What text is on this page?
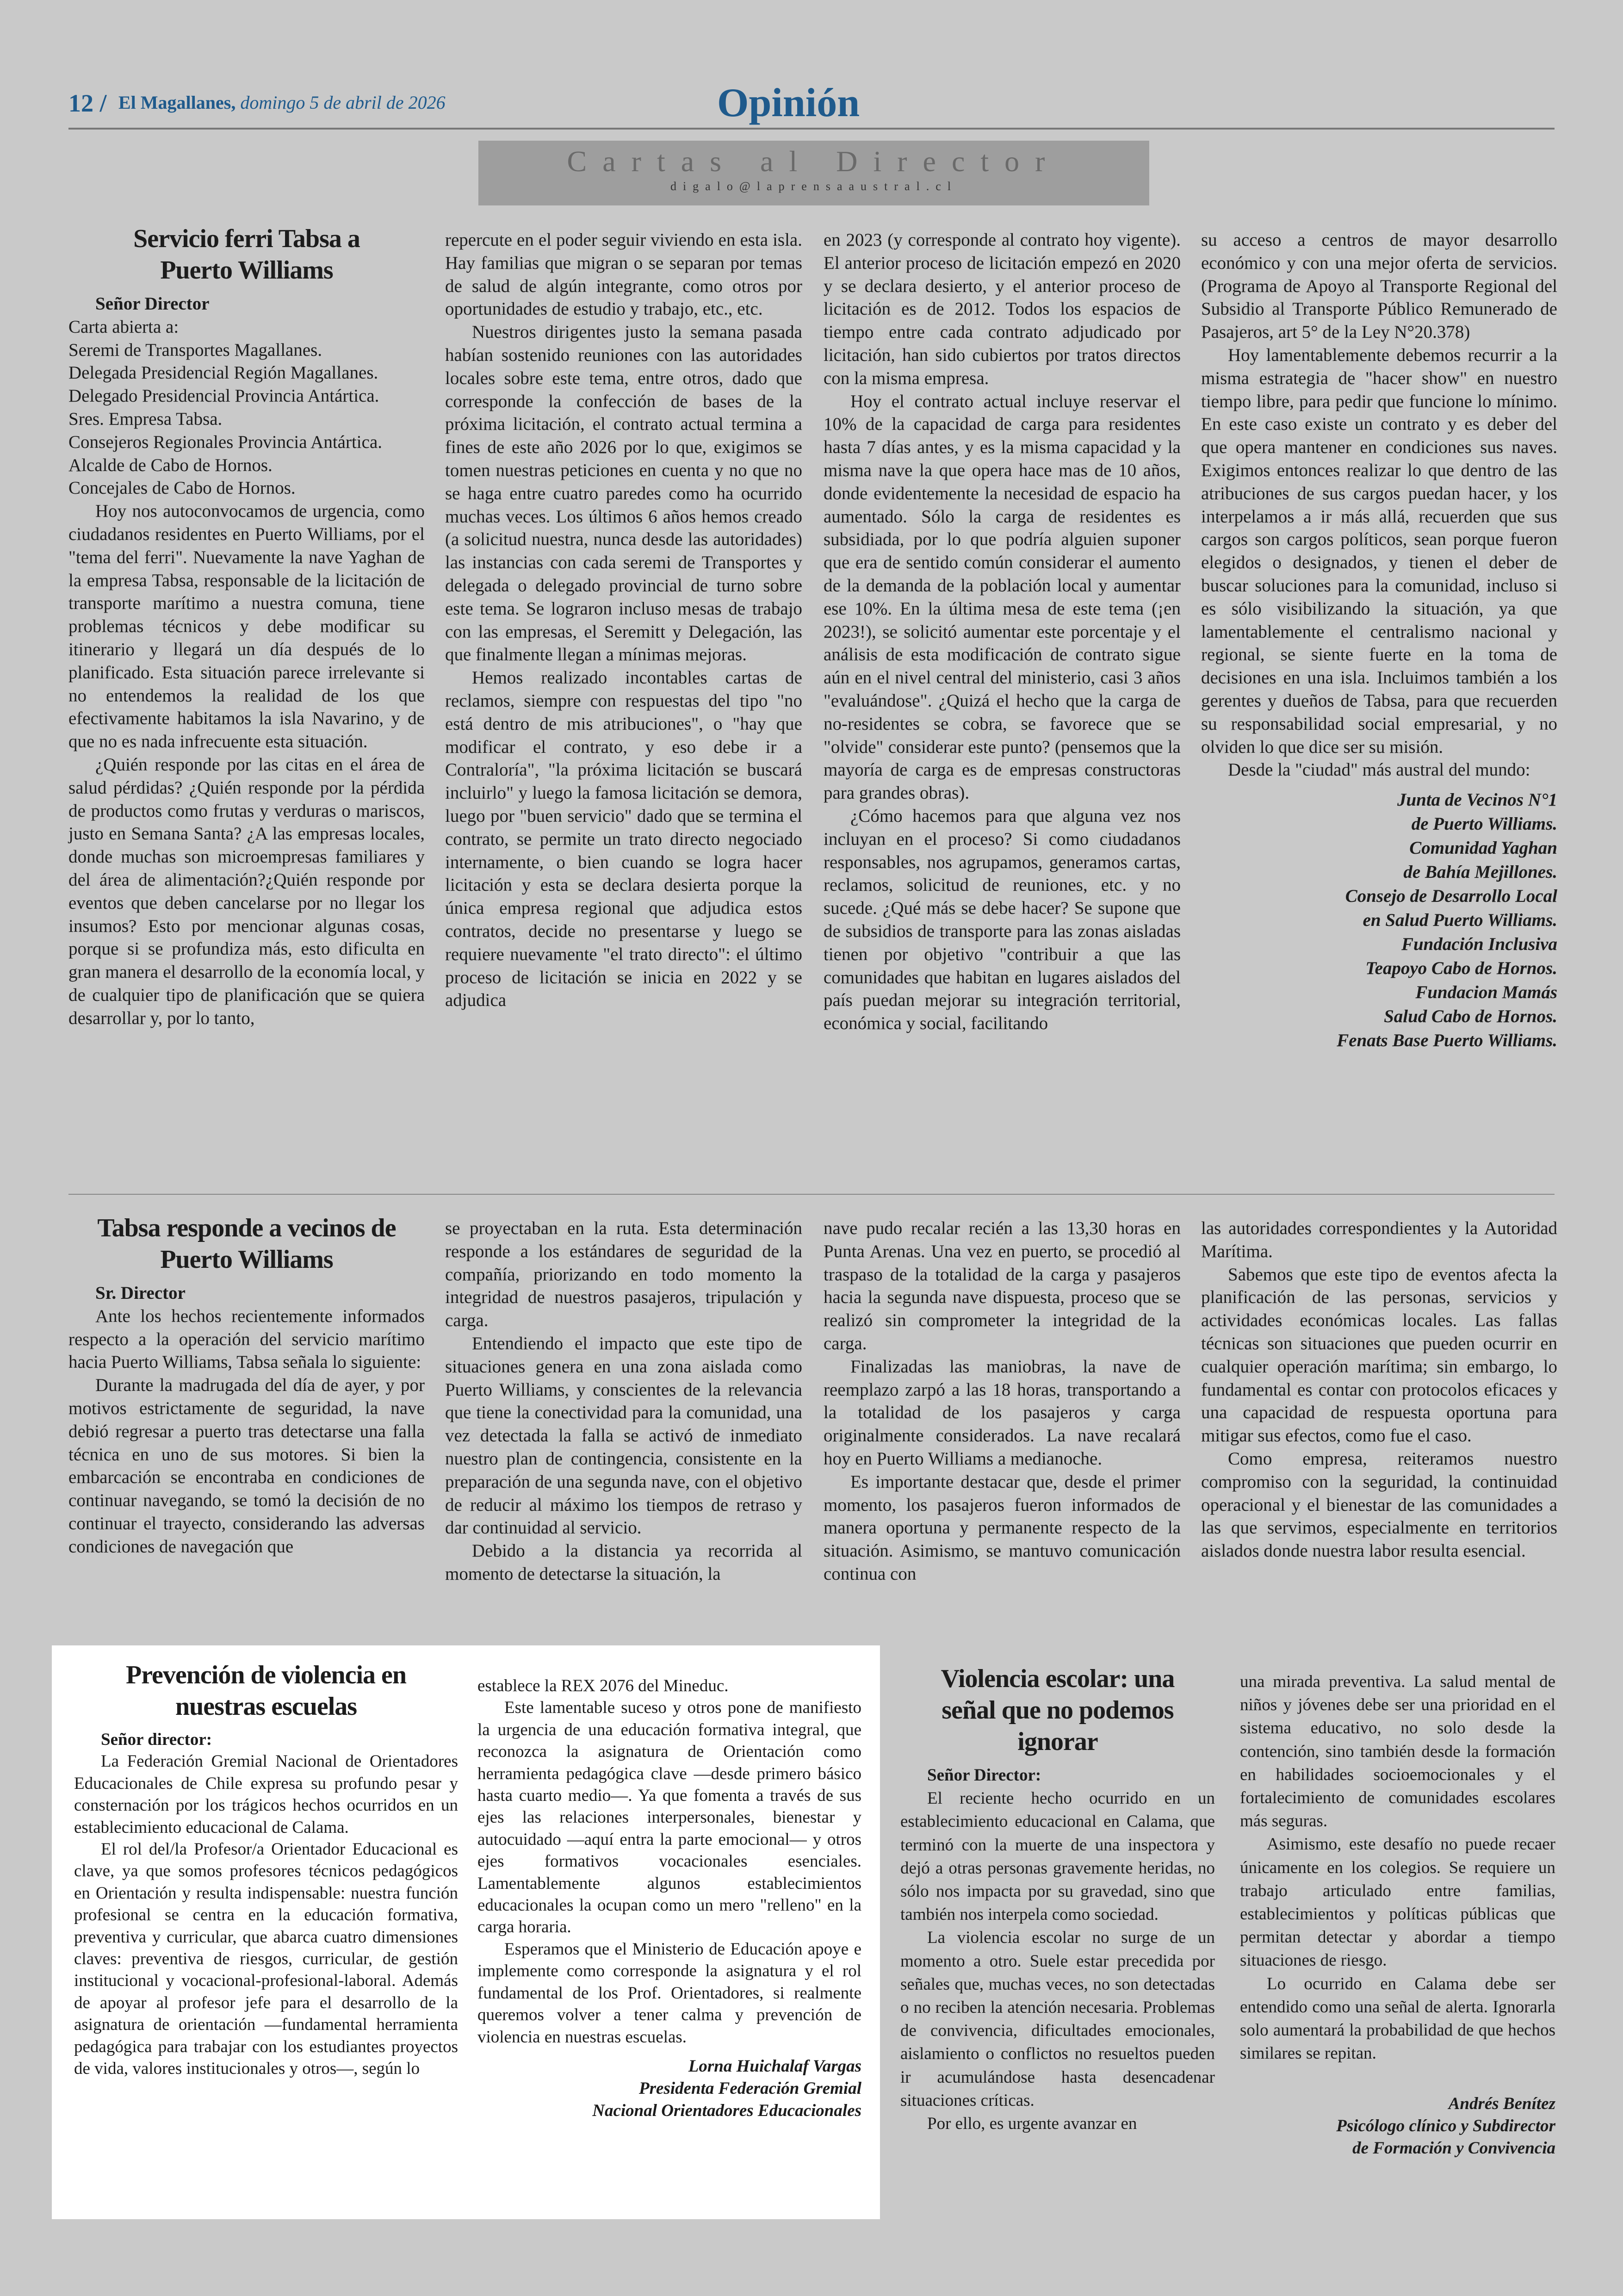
12 / El Magallanes, domingo 5 de abril de 2026	Opinión
Cartas al Director
digalo@laprensaaustral.cl
Servicio ferri Tabsa a Puerto Williams
Señor Director

Carta abierta a:
Seremi de Transportes Magallanes.
Delegada Presidencial Región Magallanes.
Delegado Presidencial Provincia Antártica.
Sres. Empresa Tabsa.
Consejeros Regionales Provincia Antártica.
Alcalde de Cabo de Hornos.
Concejales de Cabo de Hornos.

Hoy nos autoconvocamos de urgencia, como ciudadanos residentes en Puerto Williams, por el "tema del ferri". Nuevamente la nave Yaghan de la empresa Tabsa, responsable de la licitación de transporte marítimo a nuestra comuna, tiene problemas técnicos y debe modificar su itinerario y llegará un día después de lo planificado. Esta situación parece irrelevante si no entendemos la realidad de los que efectivamente habitamos la isla Navarino, y de que no es nada infrecuente esta situación.

¿Quién responde por las citas en el área de salud pérdidas? ¿Quién responde por la pérdida de productos como frutas y verduras o mariscos, justo en Semana Santa? ¿A las empresas locales, donde muchas son microempresas familiares y del área de alimentación?¿Quién responde por eventos que deben cancelarse por no llegar los insumos? Esto por mencionar algunas cosas, porque si se profundiza más, esto dificulta en gran manera el desarrollo de la economía local, y de cualquier tipo de planificación que se quiera desarrollar y, por lo tanto,

repercute en el poder seguir viviendo en esta isla. Hay familias que migran o se separan por temas de salud de algún integrante, como otros por oportunidades de estudio y trabajo, etc., etc.

Nuestros dirigentes justo la semana pasada habían sostenido reuniones con las autoridades locales sobre este tema, entre otros, dado que corresponde la confección de bases de la próxima licitación, el contrato actual termina a fines de este año 2026 por lo que, exigimos se tomen nuestras peticiones en cuenta y no que no se haga entre cuatro paredes como ha ocurrido muchas veces. Los últimos 6 años hemos creado (a solicitud nuestra, nunca desde las autoridades) las instancias con cada seremi de Transportes y delegada o delegado provincial de turno sobre este tema. Se lograron incluso mesas de trabajo con las empresas, el Seremitt y Delegación, las que finalmente llegan a mínimas mejoras.

Hemos realizado incontables cartas de reclamos, siempre con respuestas del tipo "no está dentro de mis atribuciones", o "hay que modificar el contrato, y eso debe ir a Contraloría", "la próxima licitación se buscará incluirlo" y luego la famosa licitación se demora, luego por "buen servicio" dado que se termina el contrato, se permite un trato directo negociado internamente, o bien cuando se logra hacer licitación y esta se declara desierta porque la única empresa regional que adjudica estos contratos, decide no presentarse y luego se requiere nuevamente "el trato directo": el último proceso de licitación se inicia en 2022 y se adjudica

en 2023 (y corresponde al contrato hoy vigente). El anterior proceso de licitación empezó en 2020 y se declara desierto, y el anterior proceso de licitación es de 2012. Todos los espacios de tiempo entre cada contrato adjudicado por licitación, han sido cubiertos por tratos directos con la misma empresa.

Hoy el contrato actual incluye reservar el 10% de la capacidad de carga para residentes hasta 7 días antes, y es la misma capacidad y la misma nave la que opera hace mas de 10 años, donde evidentemente la necesidad de espacio ha aumentado. Sólo la carga de residentes es subsidiada, por lo que podría alguien suponer que era de sentido común considerar el aumento de la demanda de la población local y aumentar ese 10%. En la última mesa de este tema (¡en 2023!), se solicitó aumentar este porcentaje y el análisis de esta modificación de contrato sigue aún en el nivel central del ministerio, casi 3 años "evaluándose". ¿Quizá el hecho que la carga de no-residentes se cobra, se favorece que se "olvide" considerar este punto? (pensemos que la mayoría de carga es de empresas constructoras para grandes obras).

¿Cómo hacemos para que alguna vez nos incluyan en el proceso? Si como ciudadanos responsables, nos agrupamos, generamos cartas, reclamos, solicitud de reuniones, etc. y no sucede. ¿Qué más se debe hacer? Se supone que de subsidios de transporte para las zonas aisladas tienen por objetivo "contribuir a que las comunidades que habitan en lugares aislados del país puedan mejorar su integración territorial, económica y social, facilitando

su acceso a centros de mayor desarrollo económico y con una mejor oferta de servicios.(Programa de Apoyo al Transporte Regional del Subsidio al Transporte Público Remunerado de Pasajeros, art 5° de la Ley N°20.378)

Hoy lamentablemente debemos recurrir a la misma estrategia de "hacer show" en nuestro tiempo libre, para pedir que funcione lo mínimo. En este caso existe un contrato y es deber del que opera mantener en condiciones sus naves. Exigimos entonces realizar lo que dentro de las atribuciones de sus cargos puedan hacer, y los interpelamos a ir más allá, recuerden que sus cargos son cargos políticos, sean porque fueron elegidos o designados, y tienen el deber de buscar soluciones para la comunidad, incluso si es sólo visibilizando la situación, ya que lamentablemente el centralismo nacional y regional, se siente fuerte en la toma de decisiones en una isla. Incluimos también a los gerentes y dueños de Tabsa, para que recuerden su responsabilidad social empresarial, y no olviden lo que dice ser su misión.

Desde la "ciudad" más austral del mundo:

Junta de Vecinos N°1
de Puerto Williams.
Comunidad Yaghan
de Bahía Mejillones.
Consejo de Desarrollo Local
en Salud Puerto Williams.
Fundación Inclusiva
Teapoyo Cabo de Hornos.
Fundacion Mamás
Salud Cabo de Hornos.
Fenats Base Puerto Williams.
Tabsa responde a vecinos de Puerto Williams
Sr. Director

Ante los hechos recientemente informados respecto a la operación del servicio marítimo hacia Puerto Williams, Tabsa señala lo siguiente:

Durante la madrugada del día de ayer, y por motivos estrictamente de seguridad, la nave debió regresar a puerto tras detectarse una falla técnica en uno de sus motores. Si bien la embarcación se encontraba en condiciones de continuar navegando, se tomó la decisión de no continuar el trayecto, considerando las adversas condiciones de navegación que

se proyectaban en la ruta. Esta determinación responde a los estándares de seguridad de la compañía, priorizando en todo momento la integridad de nuestros pasajeros, tripulación y carga.

Entendiendo el impacto que este tipo de situaciones genera en una zona aislada como Puerto Williams, y conscientes de la relevancia que tiene la conectividad para la comunidad, una vez detectada la falla se activó de inmediato nuestro plan de contingencia, consistente en la preparación de una segunda nave, con el objetivo de reducir al máximo los tiempos de retraso y dar continuidad al servicio.

Debido a la distancia ya recorrida al momento de detectarse la situación, la

nave pudo recalar recién a las 13,30 horas en Punta Arenas. Una vez en puerto, se procedió al traspaso de la totalidad de la carga y pasajeros hacia la segunda nave dispuesta, proceso que se realizó sin comprometer la integridad de la carga.

Finalizadas las maniobras, la nave de reemplazo zarpó a las 18 horas, transportando a la totalidad de los pasajeros y carga originalmente considerados. La nave recalará hoy en Puerto Williams a medianoche.

Es importante destacar que, desde el primer momento, los pasajeros fueron informados de manera oportuna y permanente respecto de la situación. Asimismo, se mantuvo comunicación continua con

las autoridades correspondientes y la Autoridad Marítima.

Sabemos que este tipo de eventos afecta la planificación de las personas, servicios y actividades económicas locales. Las fallas técnicas son situaciones que pueden ocurrir en cualquier operación marítima; sin embargo, lo fundamental es contar con protocolos eficaces y una capacidad de respuesta oportuna para mitigar sus efectos, como fue el caso.

Como empresa, reiteramos nuestro compromiso con la seguridad, la continuidad operacional y el bienestar de las comunidades a las que servimos, especialmente en territorios aislados donde nuestra labor resulta esencial.

Prevención de violencia en nuestras escuelas
Señor director:

La Federación Gremial Nacional de Orientadores Educacionales de Chile expresa su profundo pesar y consternación por los trágicos hechos ocurridos en un establecimiento educacional de Calama.

El rol del/la Profesor/a Orientador Educacional es clave, ya que somos profesores técnicos pedagógicos en Orientación y resulta indispensable: nuestra función profesional se centra en la educación formativa, preventiva y curricular, que abarca cuatro dimensiones claves: preventiva de riesgos, curricular, de gestión institucional y vocacional-profesional-laboral. Además de apoyar al profesor jefe para el desarrollo de la asignatura de orientación —fundamental herramienta pedagógica para trabajar con los estudiantes proyectos de vida, valores institucionales y otros—, según lo

establece la REX 2076 del Mineduc.

Este lamentable suceso y otros pone de manifiesto la urgencia de una educación formativa integral, que reconozca la asignatura de Orientación como herramienta pedagógica clave —desde primero básico hasta cuarto medio—. Ya que fomenta a través de sus ejes las relaciones interpersonales, bienestar y autocuidado —aquí entra la parte emocional— y otros ejes formativos vocacionales esenciales. Lamentablemente algunos establecimientos educacionales la ocupan como un mero "relleno" en la carga horaria.

Esperamos que el Ministerio de Educación apoye e implemente como corresponde la asignatura y el rol fundamental de los Prof. Orientadores, si realmente queremos volver a tener calma y prevención de violencia en nuestras escuelas.

Lorna Huichalaf Vargas
Presidenta Federación Gremial
Nacional Orientadores Educacionales
Violencia escolar: una señal que no podemos ignorar
Señor Director:

El reciente hecho ocurrido en un establecimiento educacional en Calama, que terminó con la muerte de una inspectora y dejó a otras personas gravemente heridas, no sólo nos impacta por su gravedad, sino que también nos interpela como sociedad.

La violencia escolar no surge de un momento a otro. Suele estar precedida por señales que, muchas veces, no son detectadas o no reciben la atención necesaria. Problemas de convivencia, dificultades emocionales, aislamiento o conflictos no resueltos pueden ir acumulándose hasta desencadenar situaciones críticas.

Por ello, es urgente avanzar en

una mirada preventiva. La salud mental de niños y jóvenes debe ser una prioridad en el sistema educativo, no solo desde la contención, sino también desde la formación en habilidades socioemocionales y el fortalecimiento de comunidades escolares más seguras.

Asimismo, este desafío no puede recaer únicamente en los colegios. Se requiere un trabajo articulado entre familias, establecimientos y políticas públicas que permitan detectar y abordar a tiempo situaciones de riesgo.

Lo ocurrido en Calama debe ser entendido como una señal de alerta. Ignorarla solo aumentará la probabilidad de que hechos similares se repitan.

Andrés Benítez
Psicólogo clínico y Subdirector
de Formación y Convivencia
